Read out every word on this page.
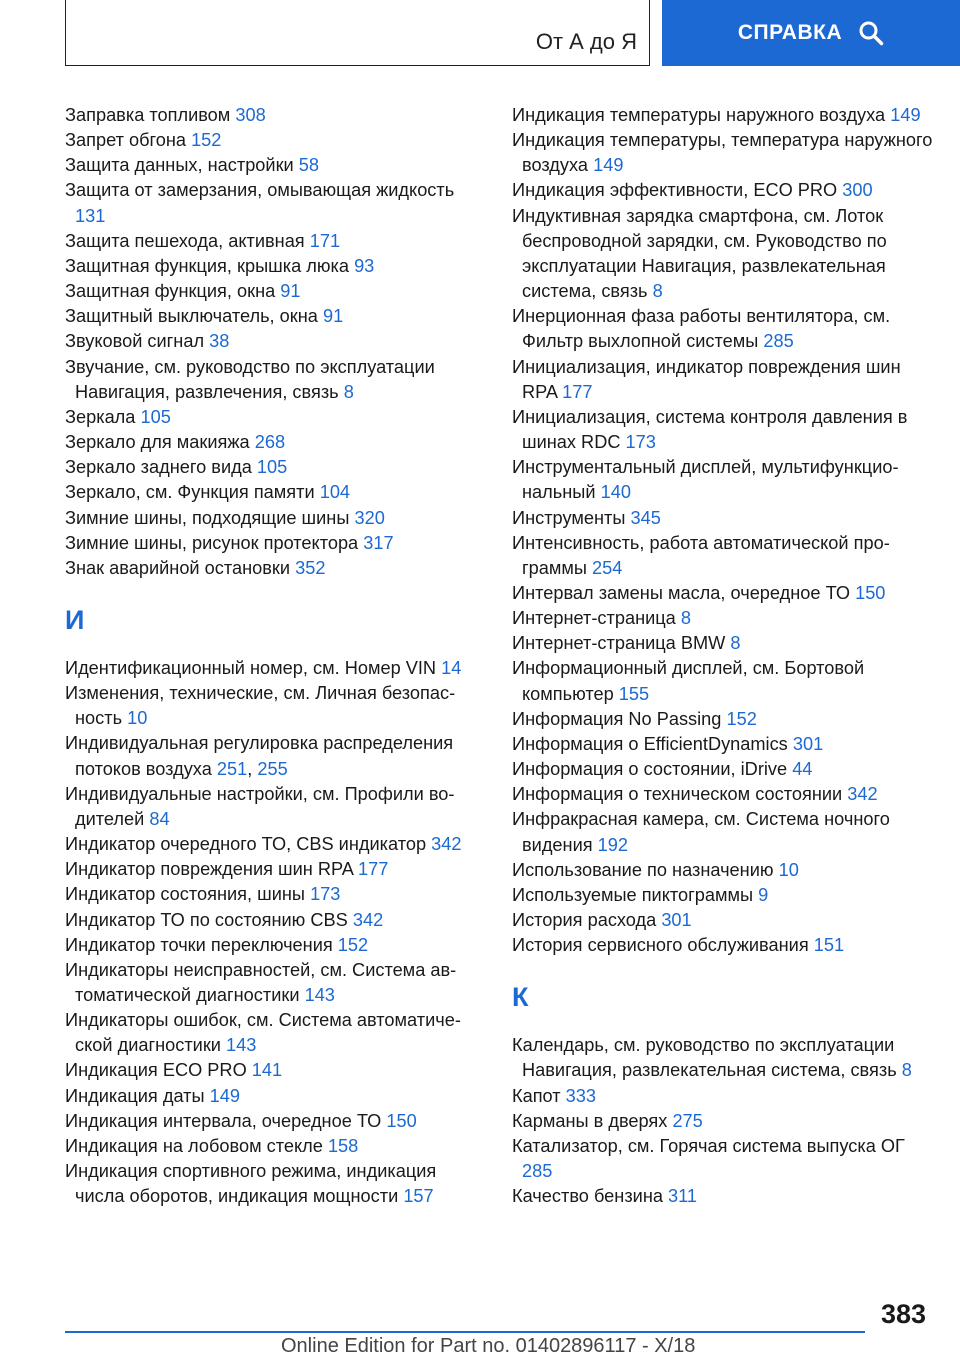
От А до Я	СПРАВКА
Заправка топливом 308
Запрет обгона 152
Защита данных, настройки 58
Защита от замерзания, омывающая жидкость 131
Защита пешехода, активная 171
Защитная функция, крышка люка 93
Защитная функция, окна 91
Защитный выключатель, окна 91
Звуковой сигнал 38
Звучание, см. руководство по эксплуатации Навигация, развлечения, связь 8
Зеркала 105
Зеркало для макияжа 268
Зеркало заднего вида 105
Зеркало, см. Функция памяти 104
Зимние шины, подходящие шины 320
Зимние шины, рисунок протектора 317
Знак аварийной остановки 352
И
Идентификационный номер, см. Номер VIN 14
Изменения, технические, см. Личная безопасность 10
Индивидуальная регулировка распределения потоков воздуха 251, 255
Индивидуальные настройки, см. Профили водителей 84
Индикатор очередного ТО, CBS индикатор 342
Индикатор повреждения шин RPA 177
Индикатор состояния, шины 173
Индикатор ТО по состоянию CBS 342
Индикатор точки переключения 152
Индикаторы неисправностей, см. Система автоматической диагностики 143
Индикаторы ошибок, см. Система автоматической диагностики 143
Индикация ECO PRO 141
Индикация даты 149
Индикация интервала, очередное ТО 150
Индикация на лобовом стекле 158
Индикация спортивного режима, индикация числа оборотов, индикация мощности 157
Индикация температуры наружного воздуха 149
Индикация температуры, температура наружного воздуха 149
Индикация эффективности, ECO PRO 300
Индуктивная зарядка смартфона, см. Лоток беспроводной зарядки, см. Руководство по эксплуатации Навигация, развлекательная система, связь 8
Инерционная фаза работы вентилятора, см. Фильтр выхлопной системы 285
Инициализация, индикатор повреждения шин RPA 177
Инициализация, система контроля давления в шинах RDC 173
Инструментальный дисплей, мультифункциональный 140
Инструменты 345
Интенсивность, работа автоматической программы 254
Интервал замены масла, очередное ТО 150
Интернет-страница 8
Интернет-страница BMW 8
Информационный дисплей, см. Бортовой компьютер 155
Информация No Passing 152
Информация о EfficientDynamics 301
Информация о состоянии, iDrive 44
Информация о техническом состоянии 342
Инфракрасная камера, см. Система ночного видения 192
Использование по назначению 10
Используемые пиктограммы 9
История расхода 301
История сервисного обслуживания 151
К
Календарь, см. руководство по эксплуатации Навигация, развлекательная система, связь 8
Капот 333
Карманы в дверях 275
Катализатор, см. Горячая система выпуска ОГ 285
Качество бензина 311
383
Online Edition for Part no. 01402896117 - X/18
